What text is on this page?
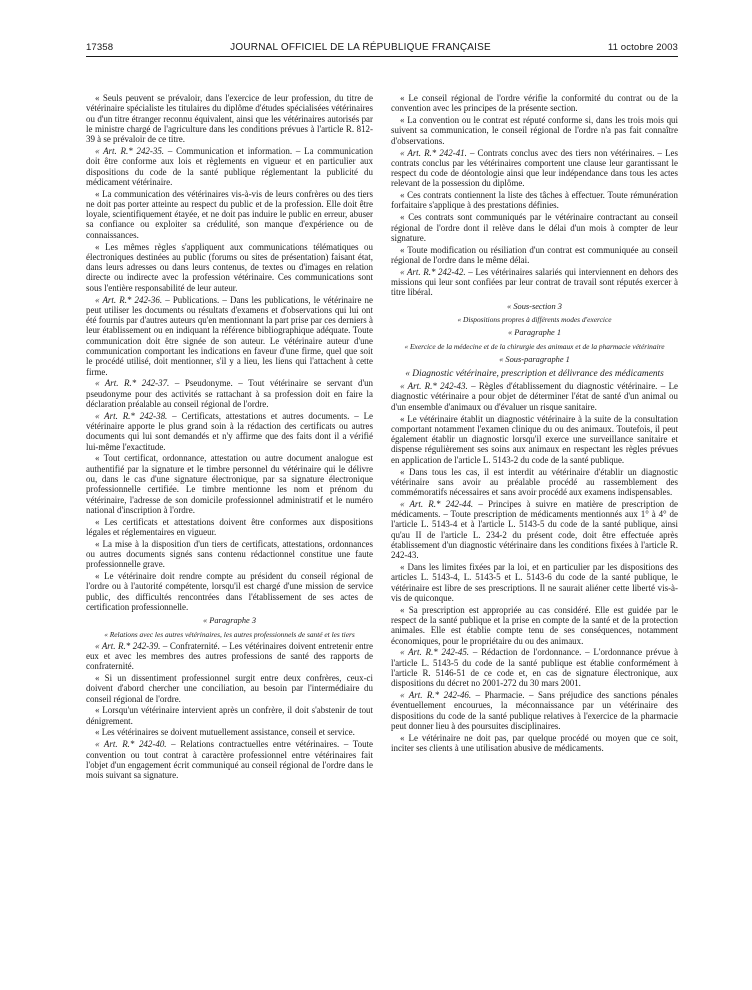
17358	JOURNAL OFFICIEL DE LA RÉPUBLIQUE FRANÇAISE	11 octobre 2003

« Seuls peuvent se prévaloir, dans l'exercice de leur profession, du titre de vétérinaire spécialiste les titulaires du diplôme d'études spécialisées vétérinaires ou d'un titre étranger reconnu équivalent, ainsi que les vétérinaires autorisés par le ministre chargé de l'agriculture dans les conditions prévues à l'article R. 812-39 à se prévaloir de ce titre.

« Art. R.* 242-35. – Communication et information. – La communication doit être conforme aux lois et règlements en vigueur et en particulier aux dispositions du code de la santé publique réglementant la publicité du médicament vétérinaire.

« La communication des vétérinaires vis-à-vis de leurs confrères ou des tiers ne doit pas porter atteinte au respect du public et de la profession. Elle doit être loyale, scientifiquement étayée, et ne doit pas induire le public en erreur, abuser sa confiance ou exploiter sa crédulité, son manque d'expérience ou de connaissances.

« Les mêmes règles s'appliquent aux communications télématiques ou électroniques destinées au public (forums ou sites de présentation) faisant état, dans leurs adresses ou dans leurs contenus, de textes ou d'images en relation directe ou indirecte avec la profession vétérinaire. Ces communications sont sous l'entière responsabilité de leur auteur.

« Art. R.* 242-36. – Publications. – Dans les publications, le vétérinaire ne peut utiliser les documents ou résultats d'examens et d'observations qui lui ont été fournis par d'autres auteurs qu'en mentionnant la part prise par ces derniers à leur établissement ou en indiquant la référence bibliographique adéquate. Toute communication doit être signée de son auteur. Le vétérinaire auteur d'une communication comportant les indications en faveur d'une firme, quel que soit le procédé utilisé, doit mentionner, s'il y a lieu, les liens qui l'attachent à cette firme.

« Art. R.* 242-37. – Pseudonyme. – Tout vétérinaire se servant d'un pseudonyme pour des activités se rattachant à sa profession doit en faire la déclaration préalable au conseil régional de l'ordre.

« Art. R.* 242-38. – Certificats, attestations et autres documents. – Le vétérinaire apporte le plus grand soin à la rédaction des certificats ou autres documents qui lui sont demandés et n'y affirme que des faits dont il a vérifié lui-même l'exactitude.

« Tout certificat, ordonnance, attestation ou autre document analogue est authentifié par la signature et le timbre personnel du vétérinaire qui le délivre ou, dans le cas d'une signature électronique, par sa signature électronique professionnelle certifiée. Le timbre mentionne les nom et prénom du vétérinaire, l'adresse de son domicile professionnel administratif et le numéro national d'inscription à l'ordre.

« Les certificats et attestations doivent être conformes aux dispositions légales et réglementaires en vigueur.

« La mise à la disposition d'un tiers de certificats, attestations, ordonnances ou autres documents signés sans contenu rédactionnel constitue une faute professionnelle grave.

« Le vétérinaire doit rendre compte au président du conseil régional de l'ordre ou à l'autorité compétente, lorsqu'il est chargé d'une mission de service public, des difficultés rencontrées dans l'établissement de ses actes de certification professionnelle.

« Paragraphe 3

« Relations avec les autres vétérinaires, les autres professionnels de santé et les tiers

« Art. R.* 242-39. – Confraternité. – Les vétérinaires doivent entretenir entre eux et avec les membres des autres professions de santé des rapports de confraternité.

« Si un dissentiment professionnel surgit entre deux confrères, ceux-ci doivent d'abord chercher une conciliation, au besoin par l'intermédiaire du conseil régional de l'ordre.

« Lorsqu'un vétérinaire intervient après un confrère, il doit s'abstenir de tout dénigrement.

« Les vétérinaires se doivent mutuellement assistance, conseil et service.

« Art. R.* 242-40. – Relations contractuelles entre vétérinaires. – Toute convention ou tout contrat à caractère professionnel entre vétérinaires fait l'objet d'un engagement écrit communiqué au conseil régional de l'ordre dans le mois suivant sa signature.

« Le conseil régional de l'ordre vérifie la conformité du contrat ou de la convention avec les principes de la présente section.

« La convention ou le contrat est réputé conforme si, dans les trois mois qui suivent sa communication, le conseil régional de l'ordre n'a pas fait connaître d'observations.

« Art. R.* 242-41. – Contrats conclus avec des tiers non vétérinaires. – Les contrats conclus par les vétérinaires comportent une clause leur garantissant le respect du code de déontologie ainsi que leur indépendance dans tous les actes relevant de la possession du diplôme.

« Ces contrats contiennent la liste des tâches à effectuer. Toute rémunération forfaitaire s'applique à des prestations définies.

« Ces contrats sont communiqués par le vétérinaire contractant au conseil régional de l'ordre dont il relève dans le délai d'un mois à compter de leur signature.

« Toute modification ou résiliation d'un contrat est communiquée au conseil régional de l'ordre dans le même délai.

« Art. R.* 242-42. – Les vétérinaires salariés qui interviennent en dehors des missions qui leur sont confiées par leur contrat de travail sont réputés exercer à titre libéral.

« Sous-section 3

« Dispositions propres à différents modes d'exercice

« Paragraphe 1

« Exercice de la médecine et de la chirurgie des animaux et de la pharmacie vétérinaire

« Sous-paragraphe 1

« Diagnostic vétérinaire, prescription et délivrance des médicaments

« Art. R.* 242-43. – Règles d'établissement du diagnostic vétérinaire. – Le diagnostic vétérinaire a pour objet de déterminer l'état de santé d'un animal ou d'un ensemble d'animaux ou d'évaluer un risque sanitaire.

« Le vétérinaire établit un diagnostic vétérinaire à la suite de la consultation comportant notamment l'examen clinique du ou des animaux. Toutefois, il peut également établir un diagnostic lorsqu'il exerce une surveillance sanitaire et dispense régulièrement ses soins aux animaux en respectant les règles prévues en application de l'article L. 5143-2 du code de la santé publique.

« Dans tous les cas, il est interdit au vétérinaire d'établir un diagnostic vétérinaire sans avoir au préalable procédé au rassemblement des commémoratifs nécessaires et sans avoir procédé aux examens indispensables.

« Art. R.* 242-44. – Principes à suivre en matière de prescription de médicaments. – Toute prescription de médicaments mentionnés aux 1° à 4° de l'article L. 5143-4 et à l'article L. 5143-5 du code de la santé publique, ainsi qu'au II de l'article L. 234-2 du présent code, doit être effectuée après établissement d'un diagnostic vétérinaire dans les conditions fixées à l'article R. 242-43.

« Dans les limites fixées par la loi, et en particulier par les dispositions des articles L. 5143-4, L. 5143-5 et L. 5143-6 du code de la santé publique, le vétérinaire est libre de ses prescriptions. Il ne saurait aliéner cette liberté vis-à-vis de quiconque.

« Sa prescription est appropriée au cas considéré. Elle est guidée par le respect de la santé publique et la prise en compte de la santé et de la protection animales. Elle est établie compte tenu de ses conséquences, notamment économiques, pour le propriétaire du ou des animaux.

« Art. R.* 242-45. – Rédaction de l'ordonnance. – L'ordonnance prévue à l'article L. 5143-5 du code de la santé publique est établie conformément à l'article R. 5146-51 de ce code et, en cas de signature électronique, aux dispositions du décret no 2001-272 du 30 mars 2001.

« Art. R.* 242-46. – Pharmacie. – Sans préjudice des sanctions pénales éventuellement encourues, la méconnaissance par un vétérinaire des dispositions du code de la santé publique relatives à l'exercice de la pharmacie peut donner lieu à des poursuites disciplinaires.

« Le vétérinaire ne doit pas, par quelque procédé ou moyen que ce soit, inciter ses clients à une utilisation abusive de médicaments.
